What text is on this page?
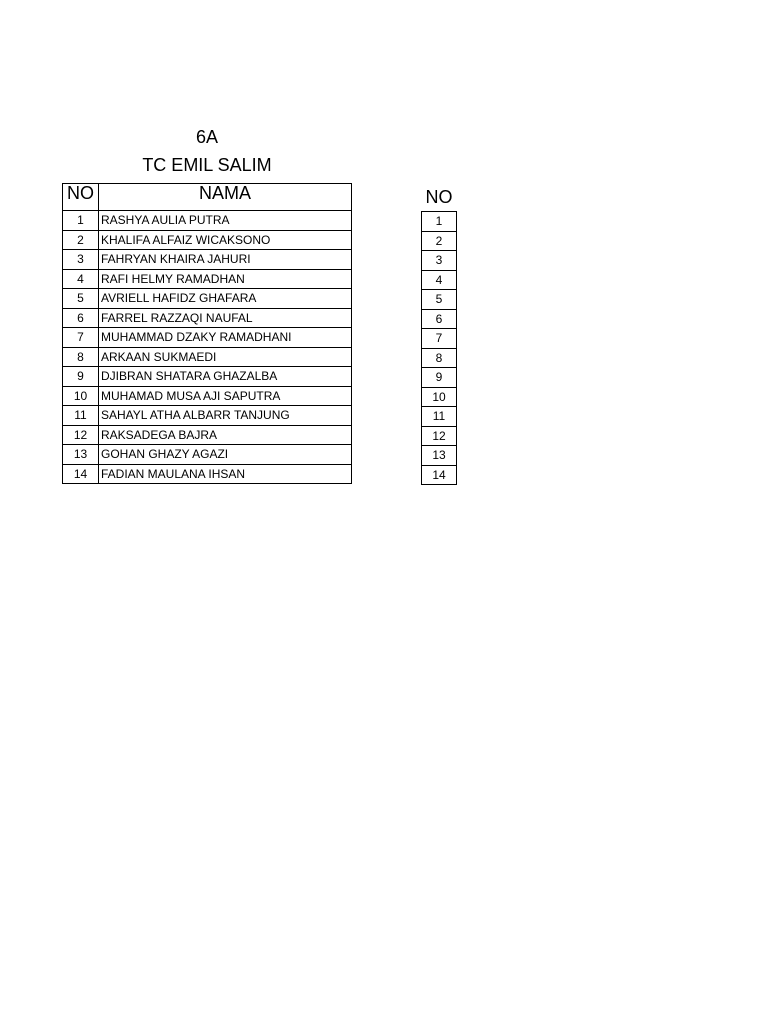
6A
TC EMIL SALIM
NO	NAMA
1	RASHYA AULIA PUTRA
2	KHALIFA ALFAIZ WICAKSONO
3	FAHRYAN KHAIRA JAHURI
4	RAFI HELMY RAMADHAN
5	AVRIELL HAFIDZ GHAFARA
6	FARREL RAZZAQI NAUFAL
7	MUHAMMAD DZAKY RAMADHANI
8	ARKAAN SUKMAEDI
9	DJIBRAN SHATARA GHAZALBA
10	MUHAMAD MUSA AJI SAPUTRA
11	SAHAYL ATHA ALBARR TANJUNG
12	RAKSADEGA BAJRA
13	GOHAN GHAZY AGAZI
14	FADIAN MAULANA IHSAN
NO
1
2
3
4
5
6
7
8
9
10
11
12
13
14
